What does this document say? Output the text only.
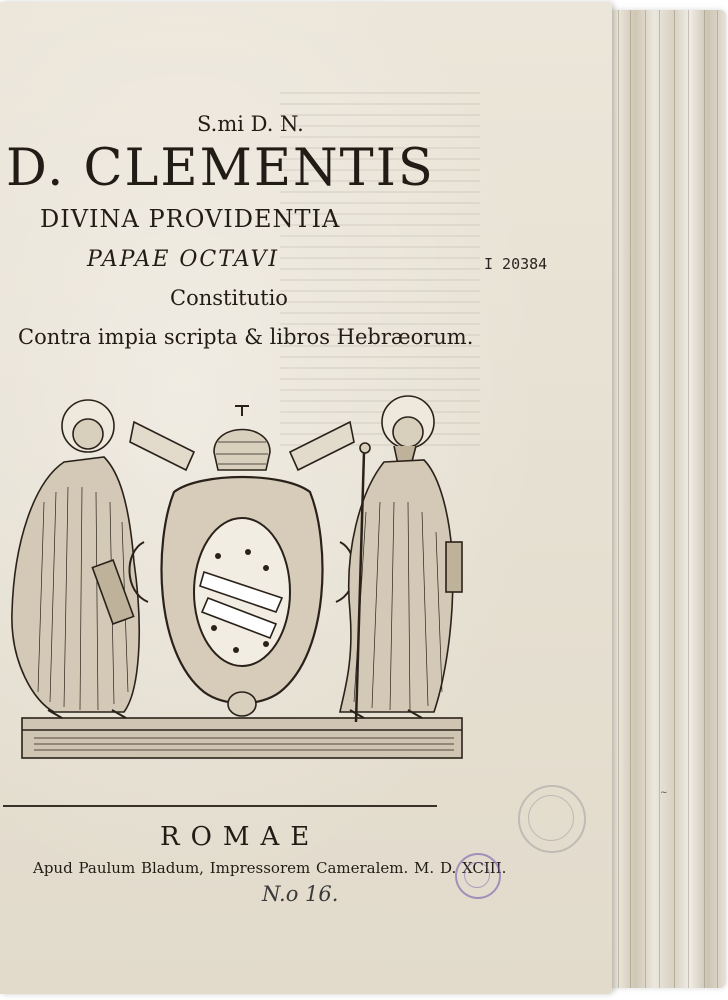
S.mi D. N.
D. CLEMENTIS
DIVINA PROVIDENTIA
PAPAE OCTAVI
Constitutio
Contra impia scripta & libros Hebræorum.
I 20384
ROMAE
Apud Paulum Bladum, Impressorem Cameralem. M. D. XCIII.
N.o 16.
~
